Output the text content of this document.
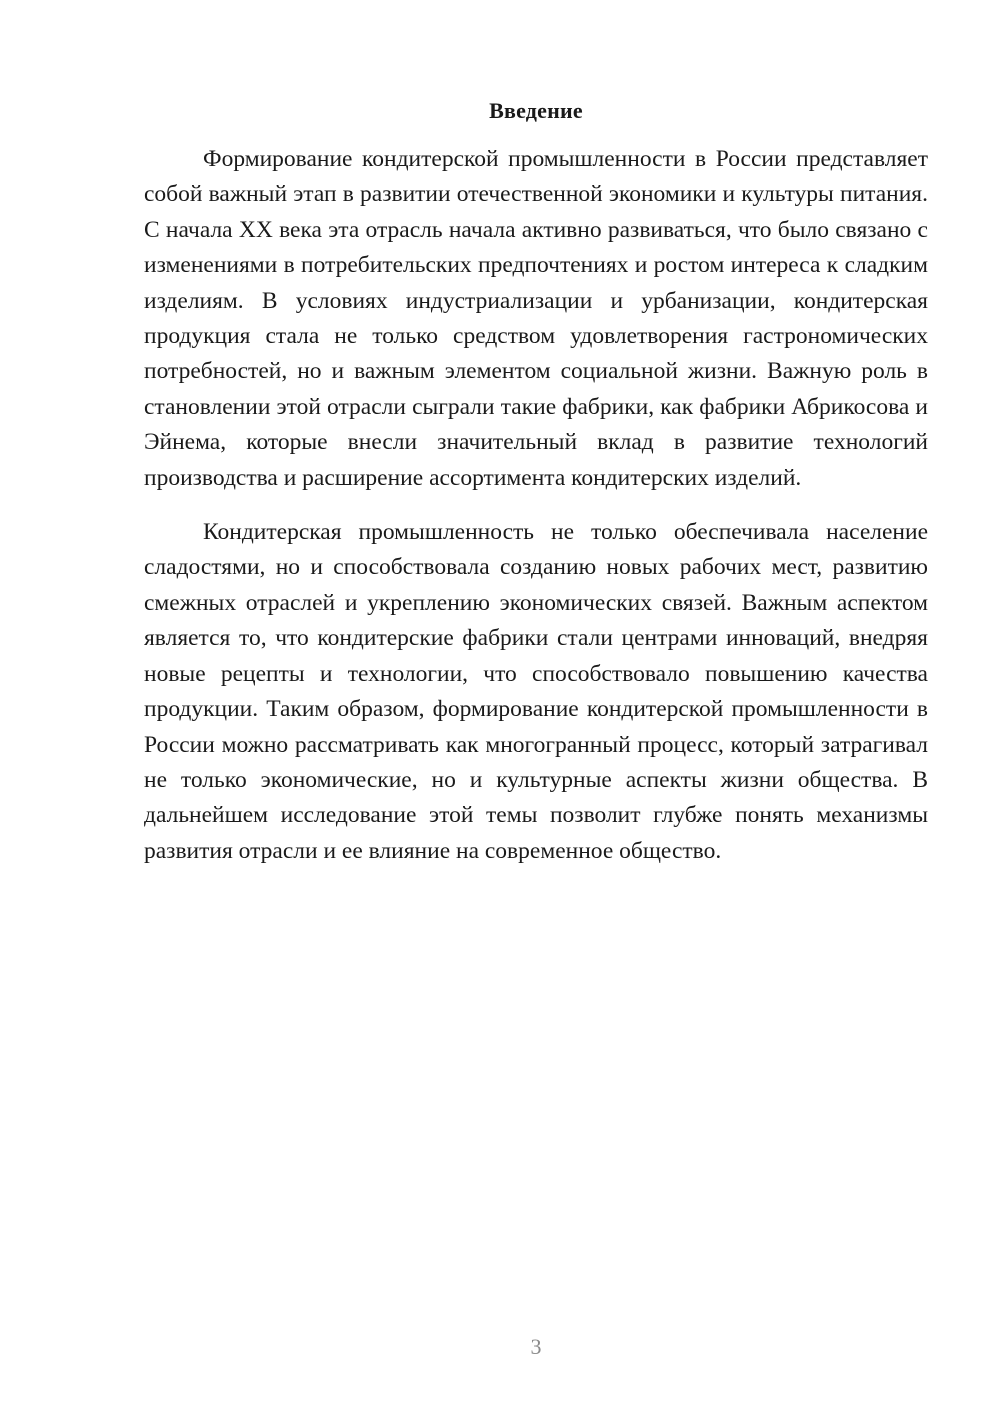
Введение

Формирование кондитерской промышленности в России представляет собой важный этап в развитии отечественной экономики и культуры питания. С начала XX века эта отрасль начала активно развиваться, что было связано с изменениями в потребительских предпочтениях и ростом интереса к сладким изделиям. В условиях индустриализации и урбанизации, кондитерская продукция стала не только средством удовлетворения гастрономических потребностей, но и важным элементом социальной жизни. Важную роль в становлении этой отрасли сыграли такие фабрики, как фабрики Абрикосова и Эйнема, которые внесли значительный вклад в развитие технологий производства и расширение ассортимента кондитерских изделий.

Кондитерская промышленность не только обеспечивала население сладостями, но и способствовала созданию новых рабочих мест, развитию смежных отраслей и укреплению экономических связей. Важным аспектом является то, что кондитерские фабрики стали центрами инноваций, внедряя новые рецепты и технологии, что способствовало повышению качества продукции. Таким образом, формирование кондитерской промышленности в России можно рассматривать как многогранный процесс, который затрагивал не только экономические, но и культурные аспекты жизни общества. В дальнейшем исследование этой темы позволит глубже понять механизмы развития отрасли и ее влияние на современное общество.

3
